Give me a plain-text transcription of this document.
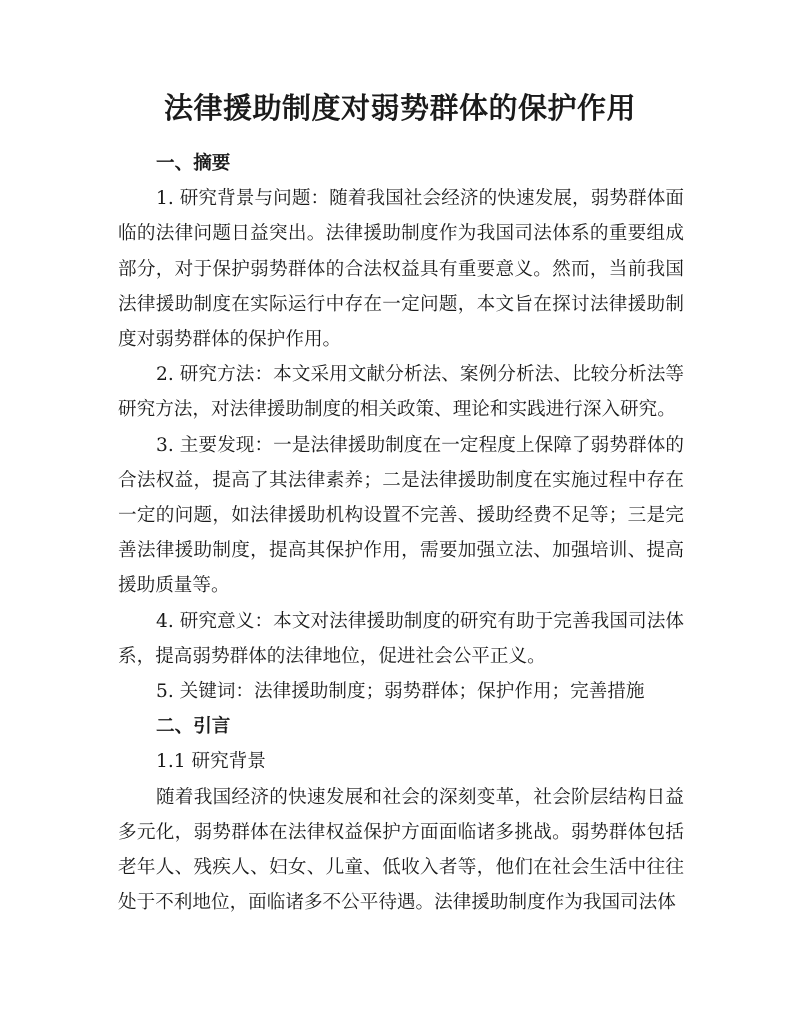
法律援助制度对弱势群体的保护作用

一、摘要

1. 研究背景与问题：随着我国社会经济的快速发展，弱势群体面临的法律问题日益突出。法律援助制度作为我国司法体系的重要组成部分，对于保护弱势群体的合法权益具有重要意义。然而，当前我国法律援助制度在实际运行中存在一定问题，本文旨在探讨法律援助制度对弱势群体的保护作用。

2. 研究方法：本文采用文献分析法、案例分析法、比较分析法等研究方法，对法律援助制度的相关政策、理论和实践进行深入研究。

3. 主要发现：一是法律援助制度在一定程度上保障了弱势群体的合法权益，提高了其法律素养；二是法律援助制度在实施过程中存在一定的问题，如法律援助机构设置不完善、援助经费不足等；三是完善法律援助制度，提高其保护作用，需要加强立法、加强培训、提高援助质量等。

4. 研究意义：本文对法律援助制度的研究有助于完善我国司法体系，提高弱势群体的法律地位，促进社会公平正义。

5. 关键词：法律援助制度；弱势群体；保护作用；完善措施

二、引言

1.1 研究背景

随着我国经济的快速发展和社会的深刻变革，社会阶层结构日益多元化，弱势群体在法律权益保护方面面临诸多挑战。弱势群体包括老年人、残疾人、妇女、儿童、低收入者等，他们在社会生活中往往处于不利地位，面临诸多不公平待遇。法律援助制度作为我国司法体
